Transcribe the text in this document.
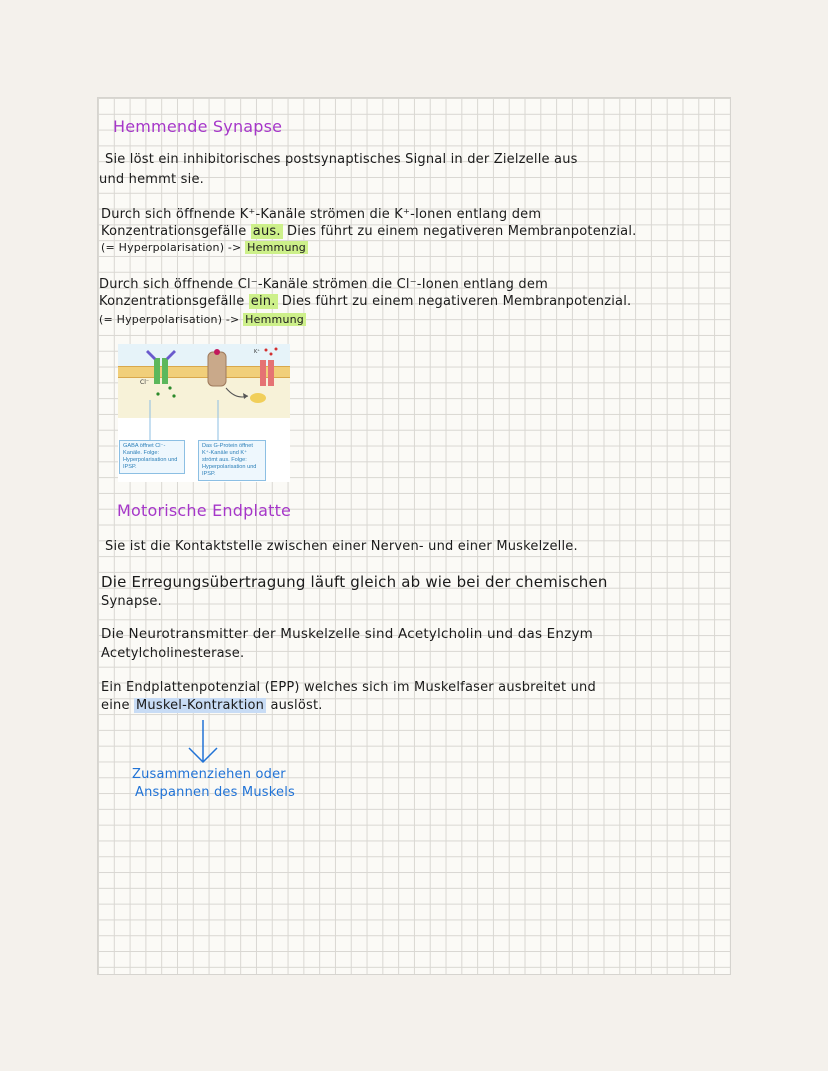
Hemmende Synapse
Sie löst ein inhibitorisches postsynaptisches Signal in der Zielzelle aus
und hemmt sie.
Durch sich öffnende K⁺-Kanäle strömen die K⁺-Ionen entlang dem
Konzentrationsgefälle aus. Dies führt zu einem negativeren Membranpotenzial.
(= Hyperpolarisation) -> Hemmung
Durch sich öffnende Cl⁻-Kanäle strömen die Cl⁻-Ionen entlang dem
Konzentrationsgefälle ein. Dies führt zu einem negativeren Membranpotenzial.
(= Hyperpolarisation) -> Hemmung
Cl⁻
K⁺
GABA öffnet Cl⁻-Kanäle. Folge: Hyperpolarisation und IPSP.
Das G-Protein öffnet K⁺-Kanäle und K⁺ strömt aus. Folge: Hyperpolarisation und IPSP.
Motorische Endplatte
Sie ist die Kontaktstelle zwischen einer Nerven- und einer Muskelzelle.
Die Erregungsübertragung läuft gleich ab wie bei der chemischen
Synapse.
Die Neurotransmitter der Muskelzelle sind Acetylcholin und das Enzym
Acetylcholinesterase.
Ein Endplattenpotenzial (EPP) welches sich im Muskelfaser ausbreitet und
eine Muskel-Kontraktion auslöst.
Zusammenziehen oder
Anspannen des Muskels
